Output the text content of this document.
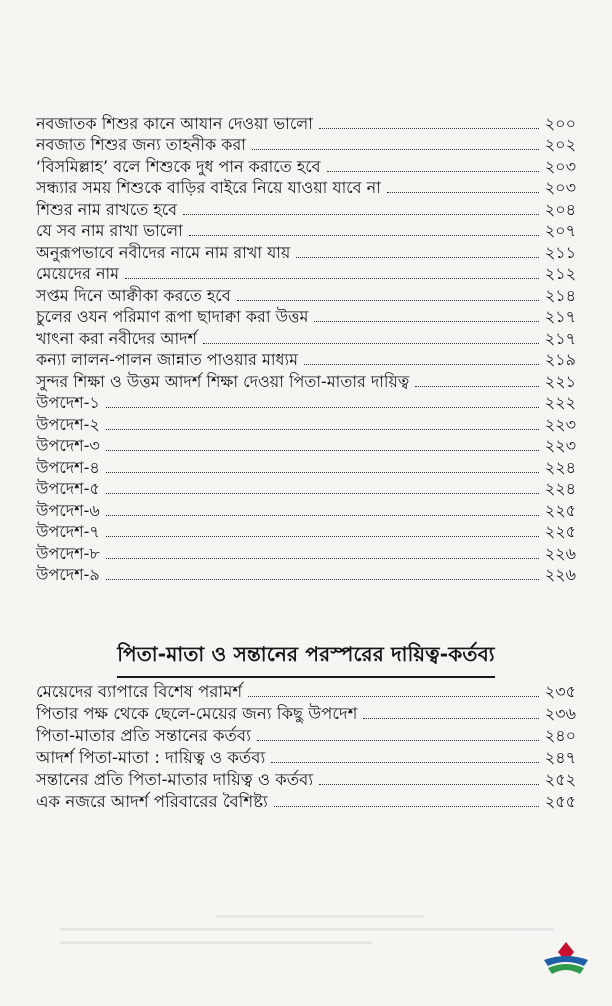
নবজাতক শিশুর কানে আযান দেওয়া ভালো	২০০
নবজাত শিশুর জন্য তাহনীক করা	২০২
‘বিসমিল্লাহ’ বলে শিশুকে দুধ পান করাতে হবে	২০৩
সন্ধ্যার সময় শিশুকে বাড়ির বাইরে নিয়ে যাওয়া যাবে না	২০৩
শিশুর নাম রাখতে হবে	২০৪
যে সব নাম রাখা ভালো	২০৭
অনুরূপভাবে নবীদের নামে নাম রাখা যায়	২১১
মেয়েদের নাম	২১২
সপ্তম দিনে আক্বীকা করতে হবে	২১৪
চুলের ওযন পরিমাণ রূপা ছাদাক্বা করা উত্তম	২১৭
খাৎনা করা নবীদের আদর্শ	২১৭
কন্যা লালন-পালন জান্নাত পাওয়ার মাধ্যম	২১৯
সুন্দর শিক্ষা ও উত্তম আদর্শ শিক্ষা দেওয়া পিতা-মাতার দায়িত্ব	২২১
উপদেশ-১	২২২
উপদেশ-২	২২৩
উপদেশ-৩	২২৩
উপদেশ-৪	২২৪
উপদেশ-৫	২২৪
উপদেশ-৬	২২৫
উপদেশ-৭	২২৫
উপদেশ-৮	২২৬
উপদেশ-৯	২২৬
পিতা-মাতা ও সন্তানের পরস্পরের দায়িত্ব-কর্তব্য
মেয়েদের ব্যাপারে বিশেষ পরামর্শ	২৩৫
পিতার পক্ষ থেকে ছেলে-মেয়ের জন্য কিছু উপদেশ	২৩৬
পিতা-মাতার প্রতি সন্তানের কর্তব্য	২৪০
আদর্শ পিতা-মাতা : দায়িত্ব ও কর্তব্য	২৪৭
সন্তানের প্রতি পিতা-মাতার দায়িত্ব ও কর্তব্য	২৫২
এক নজরে আদর্শ পরিবারের বৈশিষ্ট্য	২৫৫
